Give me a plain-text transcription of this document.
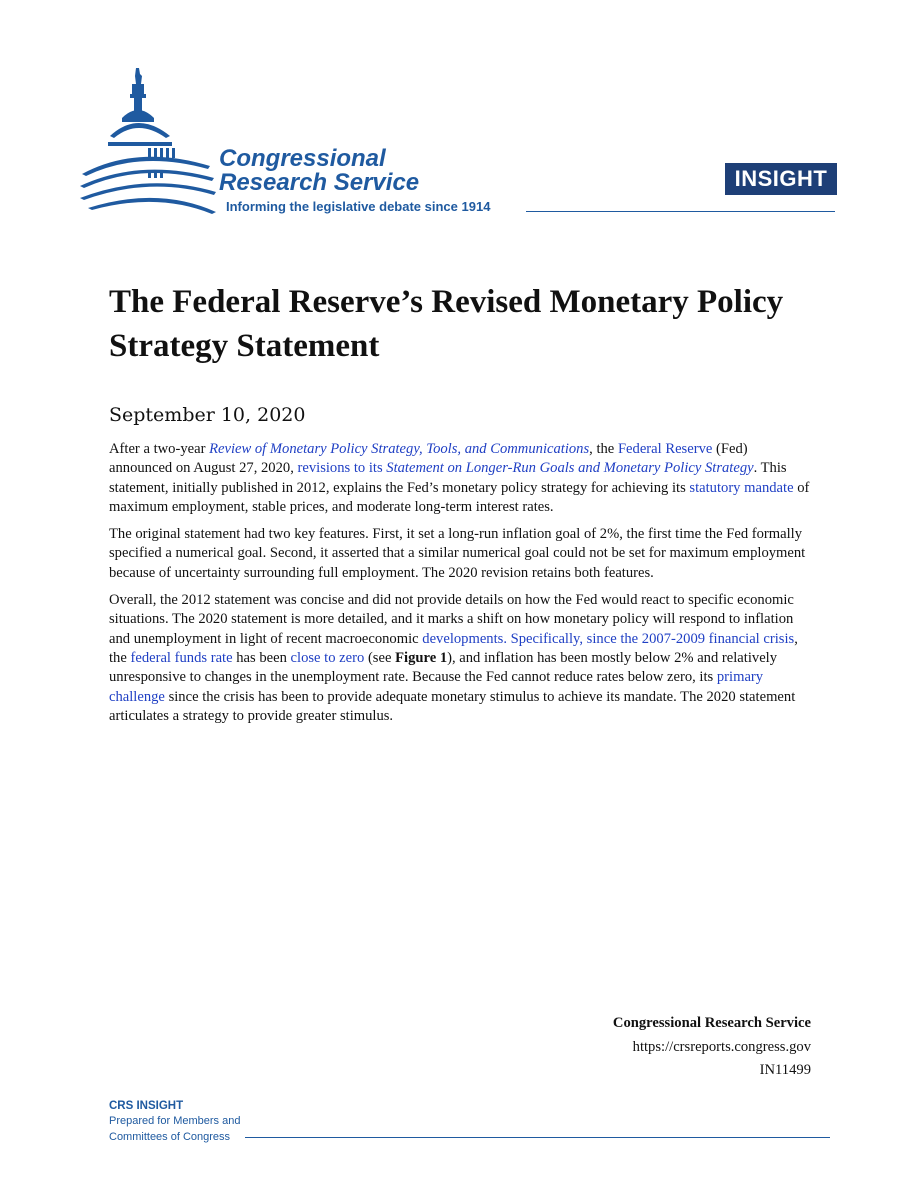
Congressional
Research Service
Informing the legislative debate since 1914
INSIGHT
The Federal Reserve’s Revised Monetary Policy Strategy Statement
September 10, 2020

After a two-year Review of Monetary Policy Strategy, Tools, and Communications, the Federal Reserve (Fed) announced on August 27, 2020, revisions to its Statement on Longer-Run Goals and Monetary Policy Strategy. This statement, initially published in 2012, explains the Fed’s monetary policy strategy for achieving its statutory mandate of maximum employment, stable prices, and moderate long-term interest rates.

The original statement had two key features. First, it set a long-run inflation goal of 2%, the first time the Fed formally specified a numerical goal. Second, it asserted that a similar numerical goal could not be set for maximum employment because of uncertainty surrounding full employment. The 2020 revision retains both features.

Overall, the 2012 statement was concise and did not provide details on how the Fed would react to specific economic situations. The 2020 statement is more detailed, and it marks a shift on how monetary policy will respond to inflation and unemployment in light of recent macroeconomic developments. Specifically, since the 2007-2009 financial crisis, the federal funds rate has been close to zero (see Figure 1), and inflation has been mostly below 2% and relatively unresponsive to changes in the unemployment rate. Because the Fed cannot reduce rates below zero, its primary challenge since the crisis has been to provide adequate monetary stimulus to achieve its mandate. The 2020 statement articulates a strategy to provide greater stimulus.

Congressional Research Service
https://crsreports.congress.gov
IN11499
CRS INSIGHT
Prepared for Members and
Committees of Congress
